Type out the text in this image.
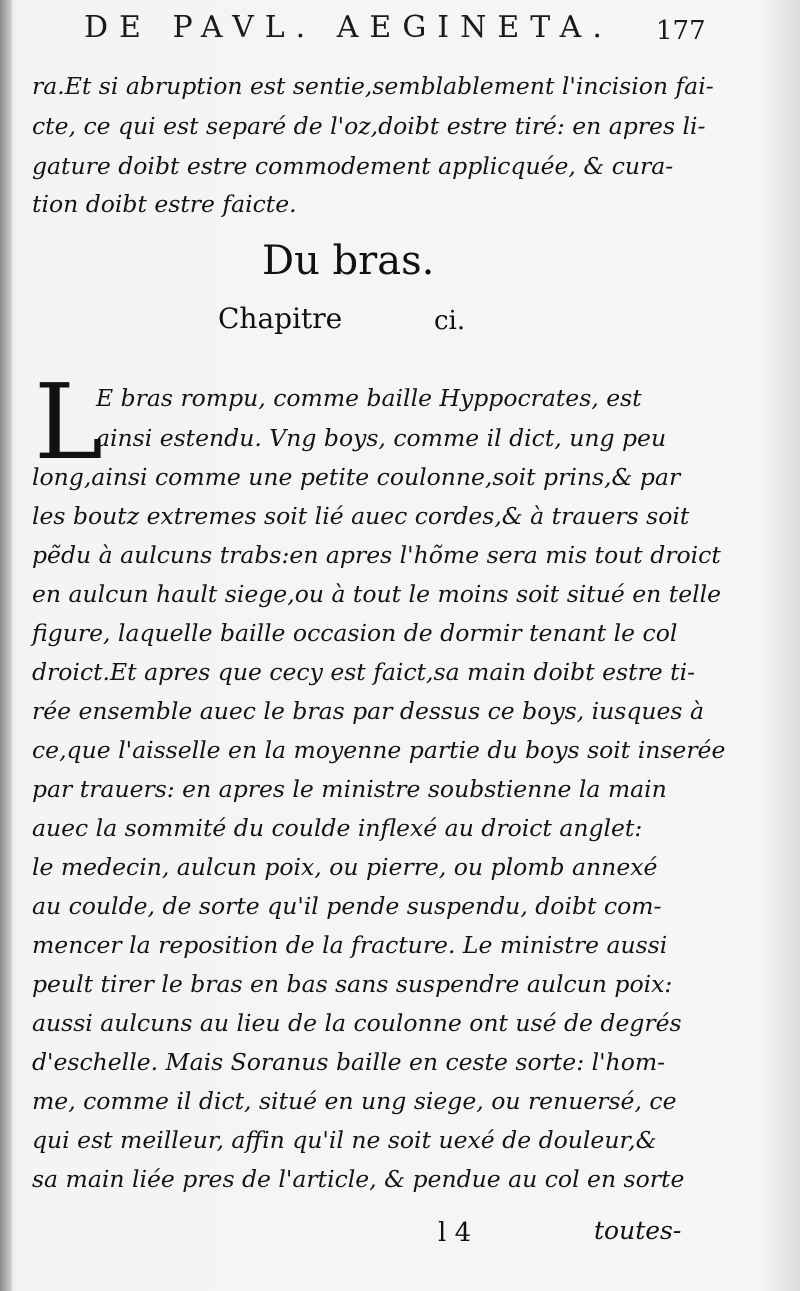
DE PAVL. AEGINETA. 177
ra.Et si abruption est sentie,semblablement l'incision fai-
cte, ce qui est separé de l'oz,doibt estre tiré: en apres li-
gature doibt estre commodement applicquée, & cura-
tion doibt estre faicte.
Du bras.
Chapitre	ci.
L
E bras rompu, comme baille Hyppocrates, est
ainsi estendu. Vng boys, comme il dict, ung peu
long,ainsi comme une petite coulonne,soit prins,& par
les boutz extremes soit lié auec cordes,& à trauers soit
pẽdu à aulcuns trabs:en apres l'hõme sera mis tout droict
en aulcun hault siege,ou à tout le moins soit situé en telle
figure, laquelle baille occasion de dormir tenant le col
droict.Et apres que cecy est faict,sa main doibt estre ti-
rée ensemble auec le bras par dessus ce boys, iusques à
ce,que l'aisselle en la moyenne partie du boys soit inserée
par trauers: en apres le ministre soubstienne la main
auec la sommité du coulde inflexé au droict anglet:
le medecin, aulcun poix, ou pierre, ou plomb annexé
au coulde, de sorte qu'il pende suspendu, doibt com-
mencer la reposition de la fracture. Le ministre aussi
peult tirer le bras en bas sans suspendre aulcun poix:
aussi aulcuns au lieu de la coulonne ont usé de degrés
d'eschelle. Mais Soranus baille en ceste sorte: l'hom-
me, comme il dict, situé en ung siege, ou renuersé, ce
qui est meilleur, affin qu'il ne soit uexé de douleur,&
sa main liée pres de l'article, & pendue au col en sorte
l 4	toutes-
